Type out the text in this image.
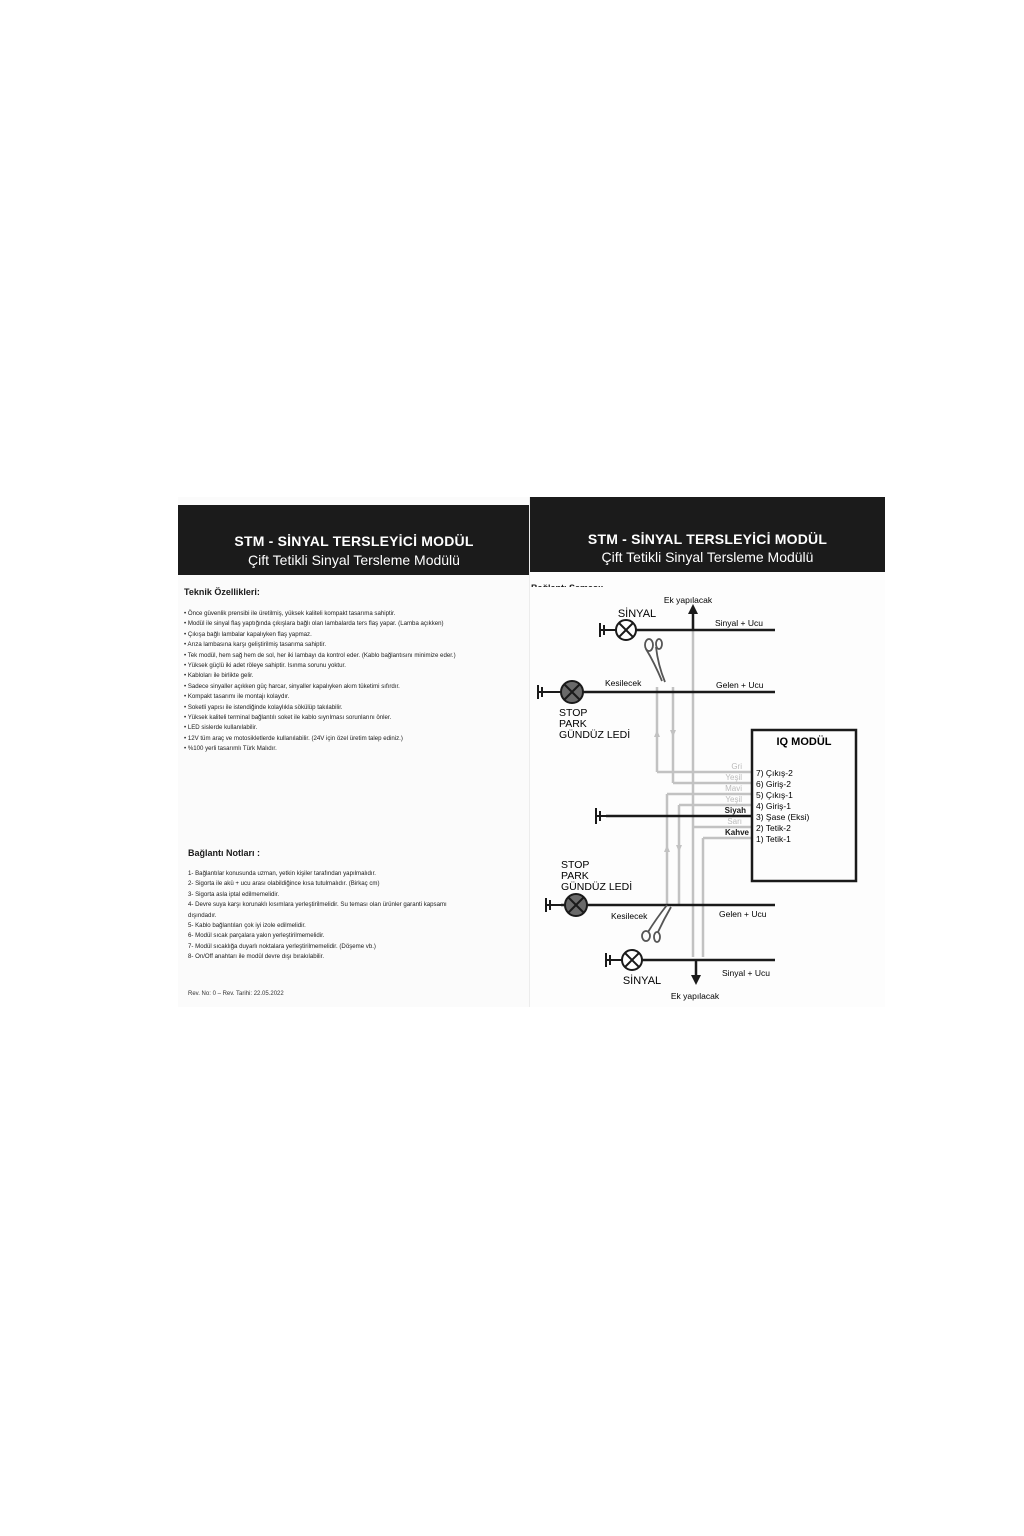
STM - SİNYAL TERSLEYİCİ MODÜL
Çift Tetikli Sinyal Tersleme Modülü
Teknik Özellikleri:
• Önce güvenlik prensibi ile üretilmiş, yüksek kaliteli kompakt tasarıma sahiptir.
• Modül ile sinyal flaş yaptığında çıkışlara bağlı olan lambalarda ters flaş yapar. (Lamba açıkken)
• Çıkışa bağlı lambalar kapalıyken flaş yapmaz.
• Arıza lambasına karşı geliştirilmiş tasarıma sahiptir.
• Tek modül, hem sağ hem de sol, her iki lambayı da kontrol eder. (Kablo bağlantısını minimize eder.)
• Yüksek güçlü iki adet röleye sahiptir. Isınma sorunu yoktur.
• Kabloları ile birlikte gelir.
• Sadece sinyaller açıkken güç harcar, sinyaller kapalıyken akım tüketimi sıfırdır.
• Kompakt tasarımı ile montajı kolaydır.
• Soketli yapısı ile istendiğinde kolaylıkla sökülüp takılabilir.
• Yüksek kaliteli terminal bağlantılı soket ile kablo sıyrılması sorunlarını önler.
• LED sislerde kullanılabilir.
• 12V tüm araç ve motosikletlerde kullanılabilir. (24V için özel üretim talep ediniz.)
• %100 yerli tasarımlı Türk Malıdır.
Bağlantı Notları :
1- Bağlantılar konusunda uzman, yetkin kişiler tarafından yapılmalıdır.
2- Sigorta ile akü + ucu arası olabildiğince kısa tutulmalıdır. (Birkaç cm)
3- Sigorta asla iptal edilmemelidir.
4- Devre suya karşı korunaklı kısımlara yerleştirilmelidir. Su teması olan ürünler garanti kapsamı dışındadır.
5- Kablo bağlantıları çok iyi izole edilmelidir.
6- Modül sıcak parçalara yakın yerleştirilmemelidir.
7- Modül sıcaklığa duyarlı noktalara yerleştirilmemelidir. (Döşeme vb.)
8- On/Off anahtarı ile modül devre dışı bırakılabilir.
Rev. No: 0 – Rev. Tarihi: 22.05.2022
STM - SİNYAL TERSLEYİCİ MODÜL
Çift Tetikli Sinyal Tersleme Modülü
Ek yapılacak
SİNYAL
Sinyal + Ucu
Kesilecek	Gelen + Ucu
STOP
PARK
GÜNDÜZ LEDİ
IQ MODÜL
Gri
Yeşil
Mavi
Yeşil
Siyah
Sarı
Kahve
7) Çıkış-2
6) Giriş-2
5) Çıkış-1
4) Giriş-1
3) Şase (Eksi)
2) Tetik-2
1) Tetik-1
STOP
PARK
GÜNDÜZ LEDİ
Kesilecek	Gelen + Ucu
Sinyal + Ucu
SİNYAL
Ek yapılacak
